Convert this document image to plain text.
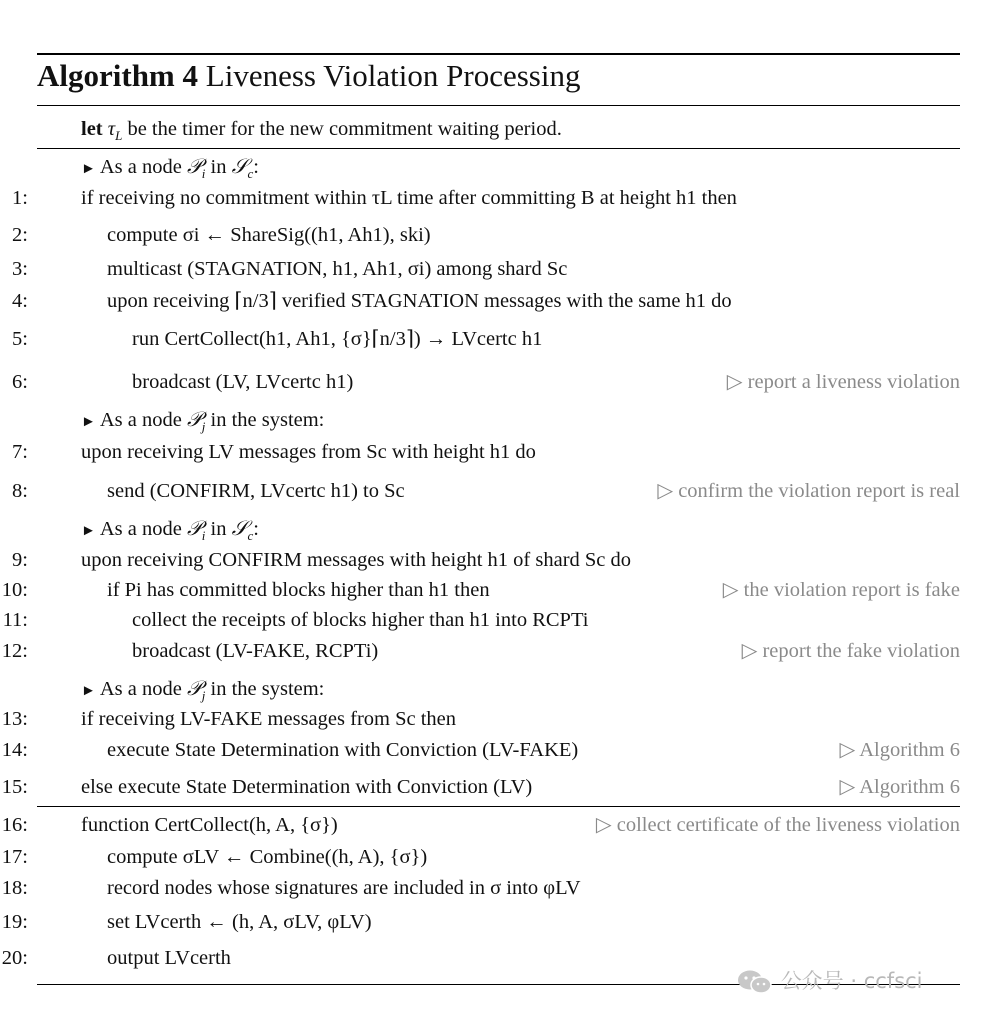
Algorithm 4 Liveness Violation Processing
let $\tau_L$ be the timer for the new commitment waiting period.
► As a node 𝒫$_i$ in 𝒮$_c$:
1:	if receiving no commitment within τL time after committing B at height h1 then
2:	compute σi ← ShareSig((h1, Ah1), ski)
3:	multicast (STAGNATION, h1, Ah1, σi) among shard Sc
4:	upon receiving ⌈n/3⌉ verified STAGNATION messages with the same h1 do
5:	run CertCollect(h1, Ah1, {σ}⌈n/3⌉) → LVcertc h1
6:	broadcast (LV, LVcertc h1)	▷ report a liveness violation
► As a node 𝒫$_j$ in the system:
7:	upon receiving LV messages from Sc with height h1 do
8:	send (CONFIRM, LVcertc h1) to Sc	▷ confirm the violation report is real
► As a node 𝒫$_i$ in 𝒮$_c$:
9:	upon receiving CONFIRM messages with height h1 of shard Sc do
10:	if Pi has committed blocks higher than h1 then	▷ the violation report is fake
11:	collect the receipts of blocks higher than h1 into RCPTi
12:	broadcast (LV-FAKE, RCPTi)	▷ report the fake violation
► As a node 𝒫$_j$ in the system:
13:	if receiving LV-FAKE messages from Sc then
14:	execute State Determination with Conviction (LV-FAKE)	▷ Algorithm 6
15:	else execute State Determination with Conviction (LV)	▷ Algorithm 6
16:	function CertCollect(h, A, {σ})	▷ collect certificate of the liveness violation
17:	compute σLV ← Combine((h, A), {σ})
18:	record nodes whose signatures are included in σ into φLV
19:	set LVcerth ← (h, A, σLV, φLV)
20:	output LVcerth
公众号 · ccfsci
